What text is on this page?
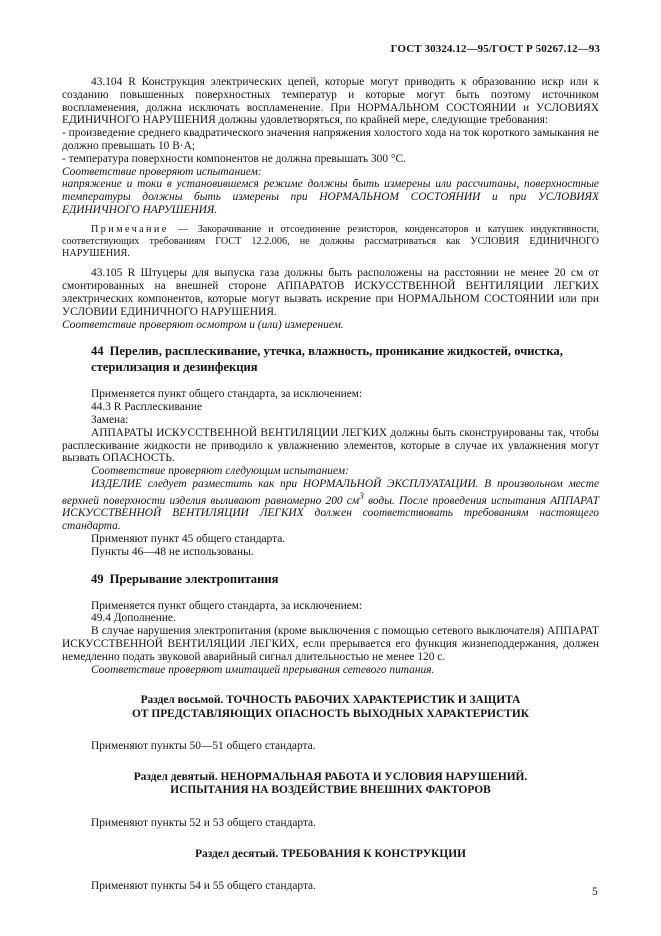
ГОСТ 30324.12—95/ГОСТ Р 50267.12—93

43.104 R Конструкция электрических цепей, которые могут приводить к образованию искр или к созданию повышенных поверхностных температур и которые могут быть поэтому источником воспламенения, должна исключать воспламенение. При НОРМАЛЬНОМ СОСТОЯНИИ и УСЛОВИЯХ ЕДИНИЧНОГО НАРУШЕНИЯ должны удовлетворяться, по крайней мере, следующие требования:

- произведение среднего квадратического значения напряжения холостого хода на ток короткого замыкания не должно превышать 10 В·А;

- температура поверхности компонентов не должна превышать 300 °С.

Соответствие проверяют испытанием:

напряжение и токи в установившемся режиме должны быть измерены или рассчитаны, поверхностные температуры должны быть измерены при НОРМАЛЬНОМ СОСТОЯНИИ и при УСЛОВИЯХ ЕДИНИЧНОГО НАРУШЕНИЯ.

Примечание — Закорачивание и отсоединение резисторов, конденсаторов и катушек индуктивности, соответствующих требованиям ГОСТ 12.2.006, не должны рассматриваться как УСЛОВИЯ ЕДИНИЧНОГО НАРУШЕНИЯ.

43.105 R Штуцеры для выпуска газа должны быть расположены на расстоянии не менее 20 см от смонтированных на внешней стороне АППАРАТОВ ИСКУССТВЕННОЙ ВЕНТИЛЯЦИИ ЛЕГКИХ электрических компонентов, которые могут вызвать искрение при НОРМАЛЬНОМ СОСТОЯНИИ или при УСЛОВИИ ЕДИНИЧНОГО НАРУШЕНИЯ.

Соответствие проверяют осмотром и (или) измерением.

44 Перелив, расплескивание, утечка, влажность, проникание жидкостей, очистка, стерилизация и дезинфекция

Применяется пункт общего стандарта, за исключением:

44.3 R Расплескивание

Замена:

АППАРАТЫ ИСКУССТВЕННОЙ ВЕНТИЛЯЦИИ ЛЕГКИХ должны быть сконструированы так, чтобы расплескивание жидкости не приводило к увлажнению элементов, которые в случае их увлажнения могут вызвать ОПАСНОСТЬ.

Соответствие проверяют следующим испытанием:

ИЗДЕЛИЕ следует разместить как при НОРМАЛЬНОЙ ЭКСПЛУАТАЦИИ. В произвольном месте верхней поверхности изделия выливают равномерно 200 $см^3$ воды. После проведения испытания АППАРАТ ИСКУССТВЕННОЙ ВЕНТИЛЯЦИИ ЛЕГКИХ должен соответствовать требованиям настоящего стандарта.

Применяют пункт 45 общего стандарта.

Пункты 46—48 не использованы.

49 Прерывание электропитания

Применяется пункт общего стандарта, за исключением:

49.4 Дополнение.

В случае нарушения электропитания (кроме выключения с помощью сетевого выключателя) АППАРАТ ИСКУССТВЕННОЙ ВЕНТИЛЯЦИИ ЛЕГКИХ, если прерывается его функция жизнеподдержания, должен немедленно подать звуковой аварийный сигнал длительностью не менее 120 с.

Соответствие проверяют имитацией прерывания сетевого питания.

Раздел восьмой. ТОЧНОСТЬ РАБОЧИХ ХАРАКТЕРИСТИК И ЗАЩИТА
ОТ ПРЕДСТАВЛЯЮЩИХ ОПАСНОСТЬ ВЫХОДНЫХ ХАРАКТЕРИСТИК

Применяют пункты 50—51 общего стандарта.

Раздел девятый. НЕНОРМАЛЬНАЯ РАБОТА И УСЛОВИЯ НАРУШЕНИЙ.
ИСПЫТАНИЯ НА ВОЗДЕЙСТВИЕ ВНЕШНИХ ФАКТОРОВ

Применяют пункты 52 и 53 общего стандарта.

Раздел десятый. ТРЕБОВАНИЯ К КОНСТРУКЦИИ

Применяют пункты 54 и 55 общего стандарта.

5
